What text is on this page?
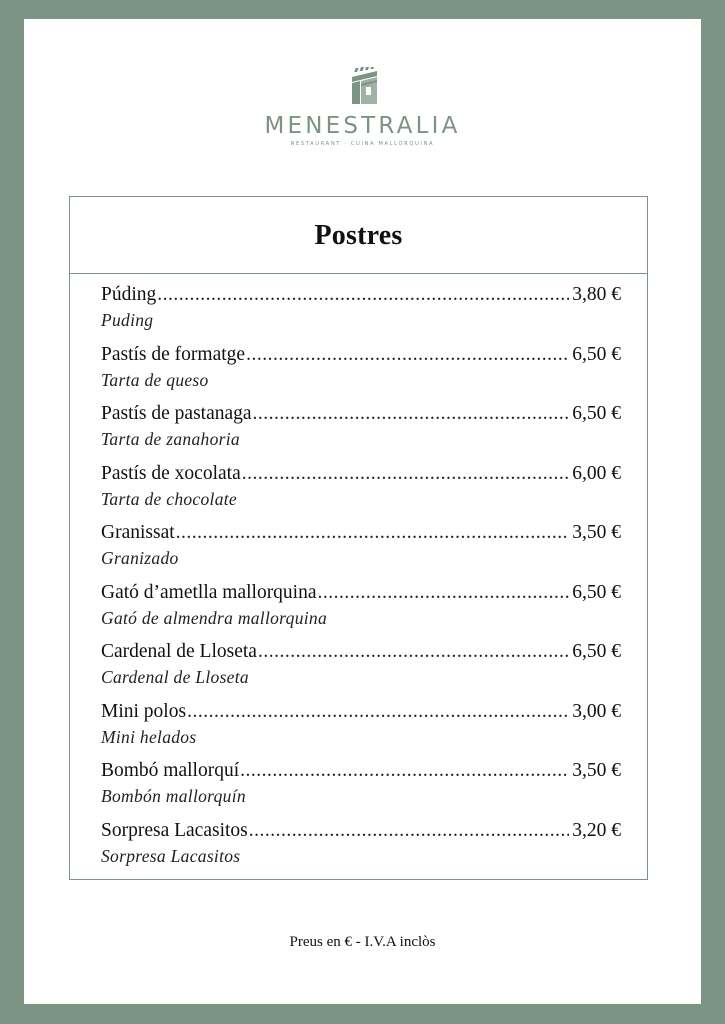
MENESTRALIA
RESTAURANT · CUINA MALLORQUINA
Postres
Púding .....	3,80 €
Puding
Pastís de formatge .....	6,50 €
Tarta de queso
Pastís de pastanaga .....	6,50 €
Tarta de zanahoria
Pastís de xocolata .....	6,00 €
Tarta de chocolate
Granissat .....	3,50 €
Granizado
Gató d’ametlla mallorquina .....	6,50 €
Gató de almendra mallorquina
Cardenal de Lloseta .....	6,50 €
Cardenal de Lloseta
Mini polos .....	3,00 €
Mini helados
Bombó mallorquí .....	3,50 €
Bombón mallorquín
Sorpresa Lacasitos .....	3,20 €
Sorpresa Lacasitos
Preus en € - I.V.A inclòs
